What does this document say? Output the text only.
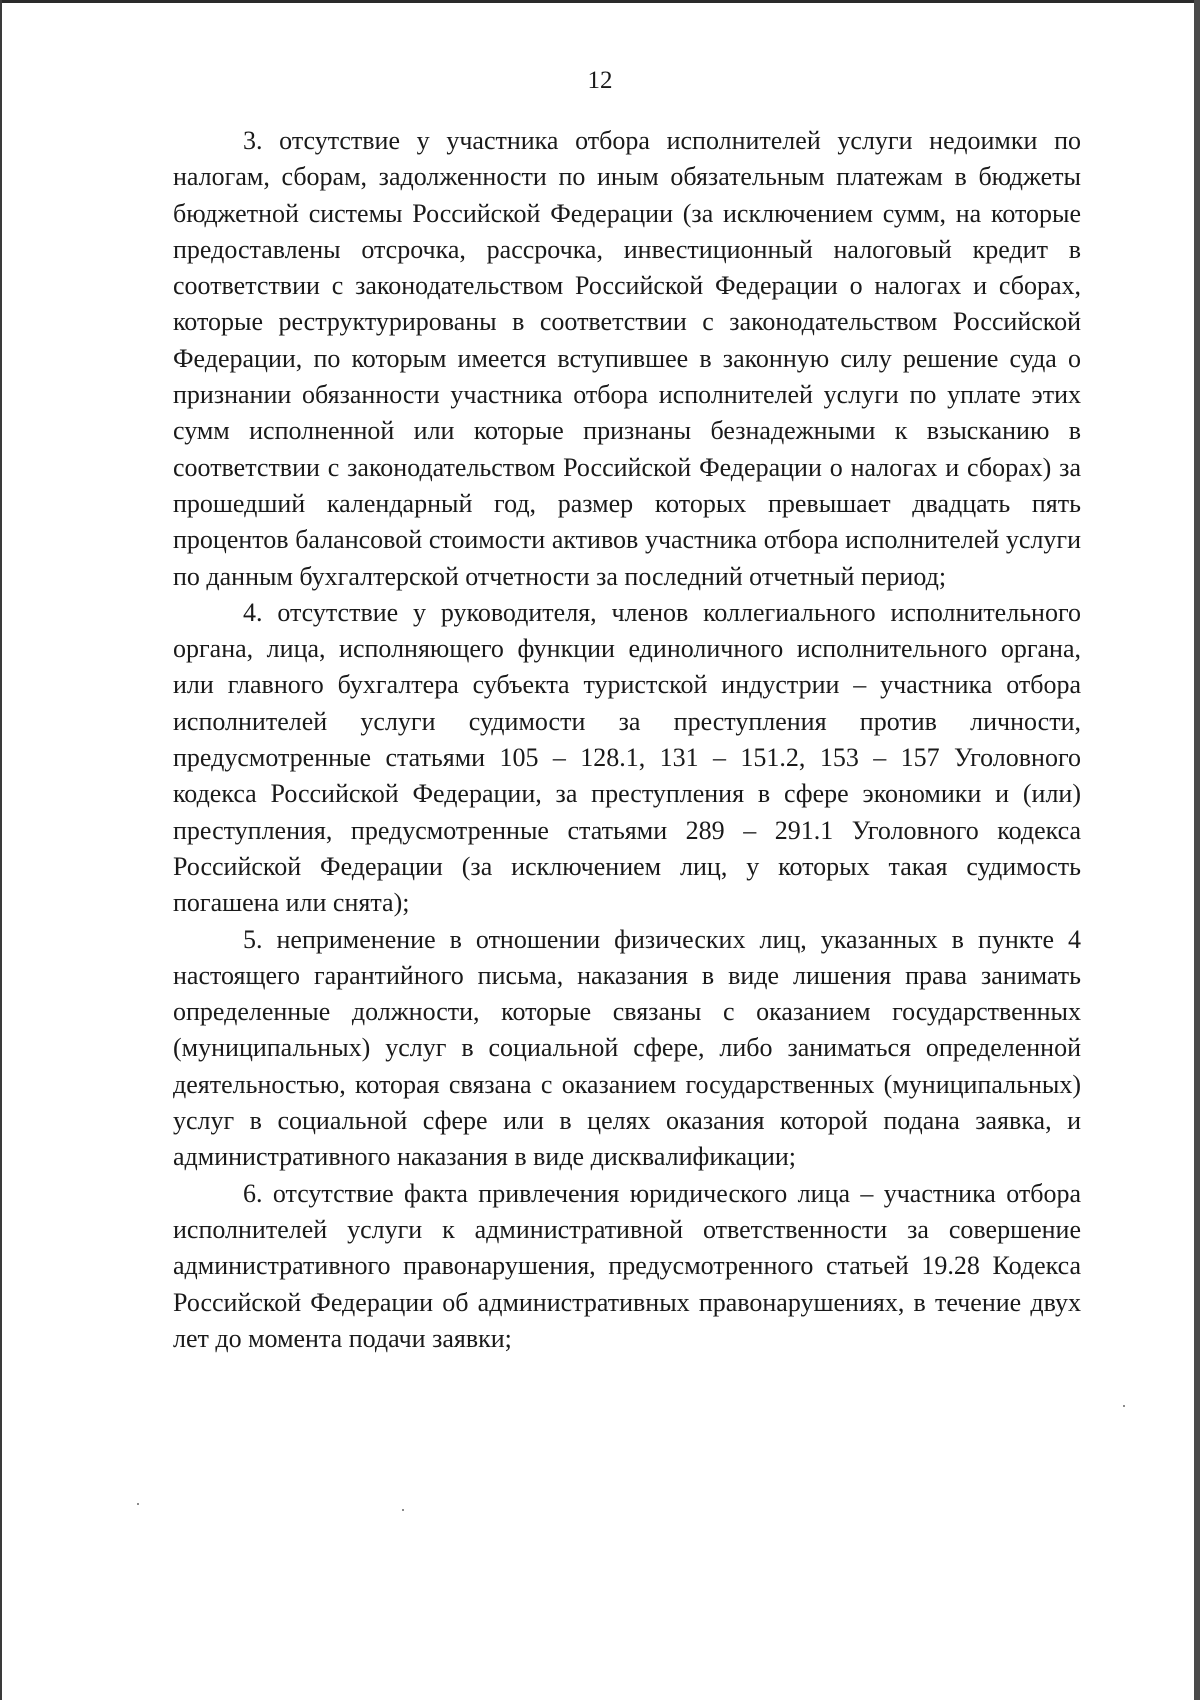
12

3. отсутствие у участника отбора исполнителей услуги недоимки по налогам, сборам, задолженности по иным обязательным платежам в бюджеты бюджетной системы Российской Федерации (за исключением сумм, на которые предоставлены отсрочка, рассрочка, инвестиционный налоговый кредит в соответствии с законодательством Российской Федерации о налогах и сборах, которые реструктурированы в соответствии с законодательством Российской Федерации, по которым имеется вступившее в законную силу решение суда о признании обязанности участника отбора исполнителей услуги по уплате этих сумм исполненной или которые признаны безнадежными к взысканию в соответствии с законодательством Российской Федерации о налогах и сборах) за прошедший календарный год, размер которых превышает двадцать пять процентов балансовой стоимости активов участника отбора исполнителей услуги по данным бухгалтерской отчетности за последний отчетный период;

4. отсутствие у руководителя, членов коллегиального исполнительного органа, лица, исполняющего функции единоличного исполнительного органа, или главного бухгалтера субъекта туристской индустрии – участника отбора исполнителей услуги судимости за преступления против личности, предусмотренные статьями 105 – 128.1, 131 – 151.2, 153 – 157 Уголовного кодекса Российской Федерации, за преступления в сфере экономики и (или) преступления, предусмотренные статьями 289 – 291.1 Уголовного кодекса Российской Федерации (за исключением лиц, у которых такая судимость погашена или снята);

5. неприменение в отношении физических лиц, указанных в пункте 4 настоящего гарантийного письма, наказания в виде лишения права занимать определенные должности, которые связаны с оказанием государственных (муниципальных) услуг в социальной сфере, либо заниматься определенной деятельностью, которая связана с оказанием государственных (муниципальных) услуг в социальной сфере или в целях оказания которой подана заявка, и административного наказания в виде дисквалификации;

6. отсутствие факта привлечения юридического лица – участника отбора исполнителей услуги к административной ответственности за совершение административного правонарушения, предусмотренного статьей 19.28 Кодекса Российской Федерации об административных правонарушениях, в течение двух лет до момента подачи заявки;
